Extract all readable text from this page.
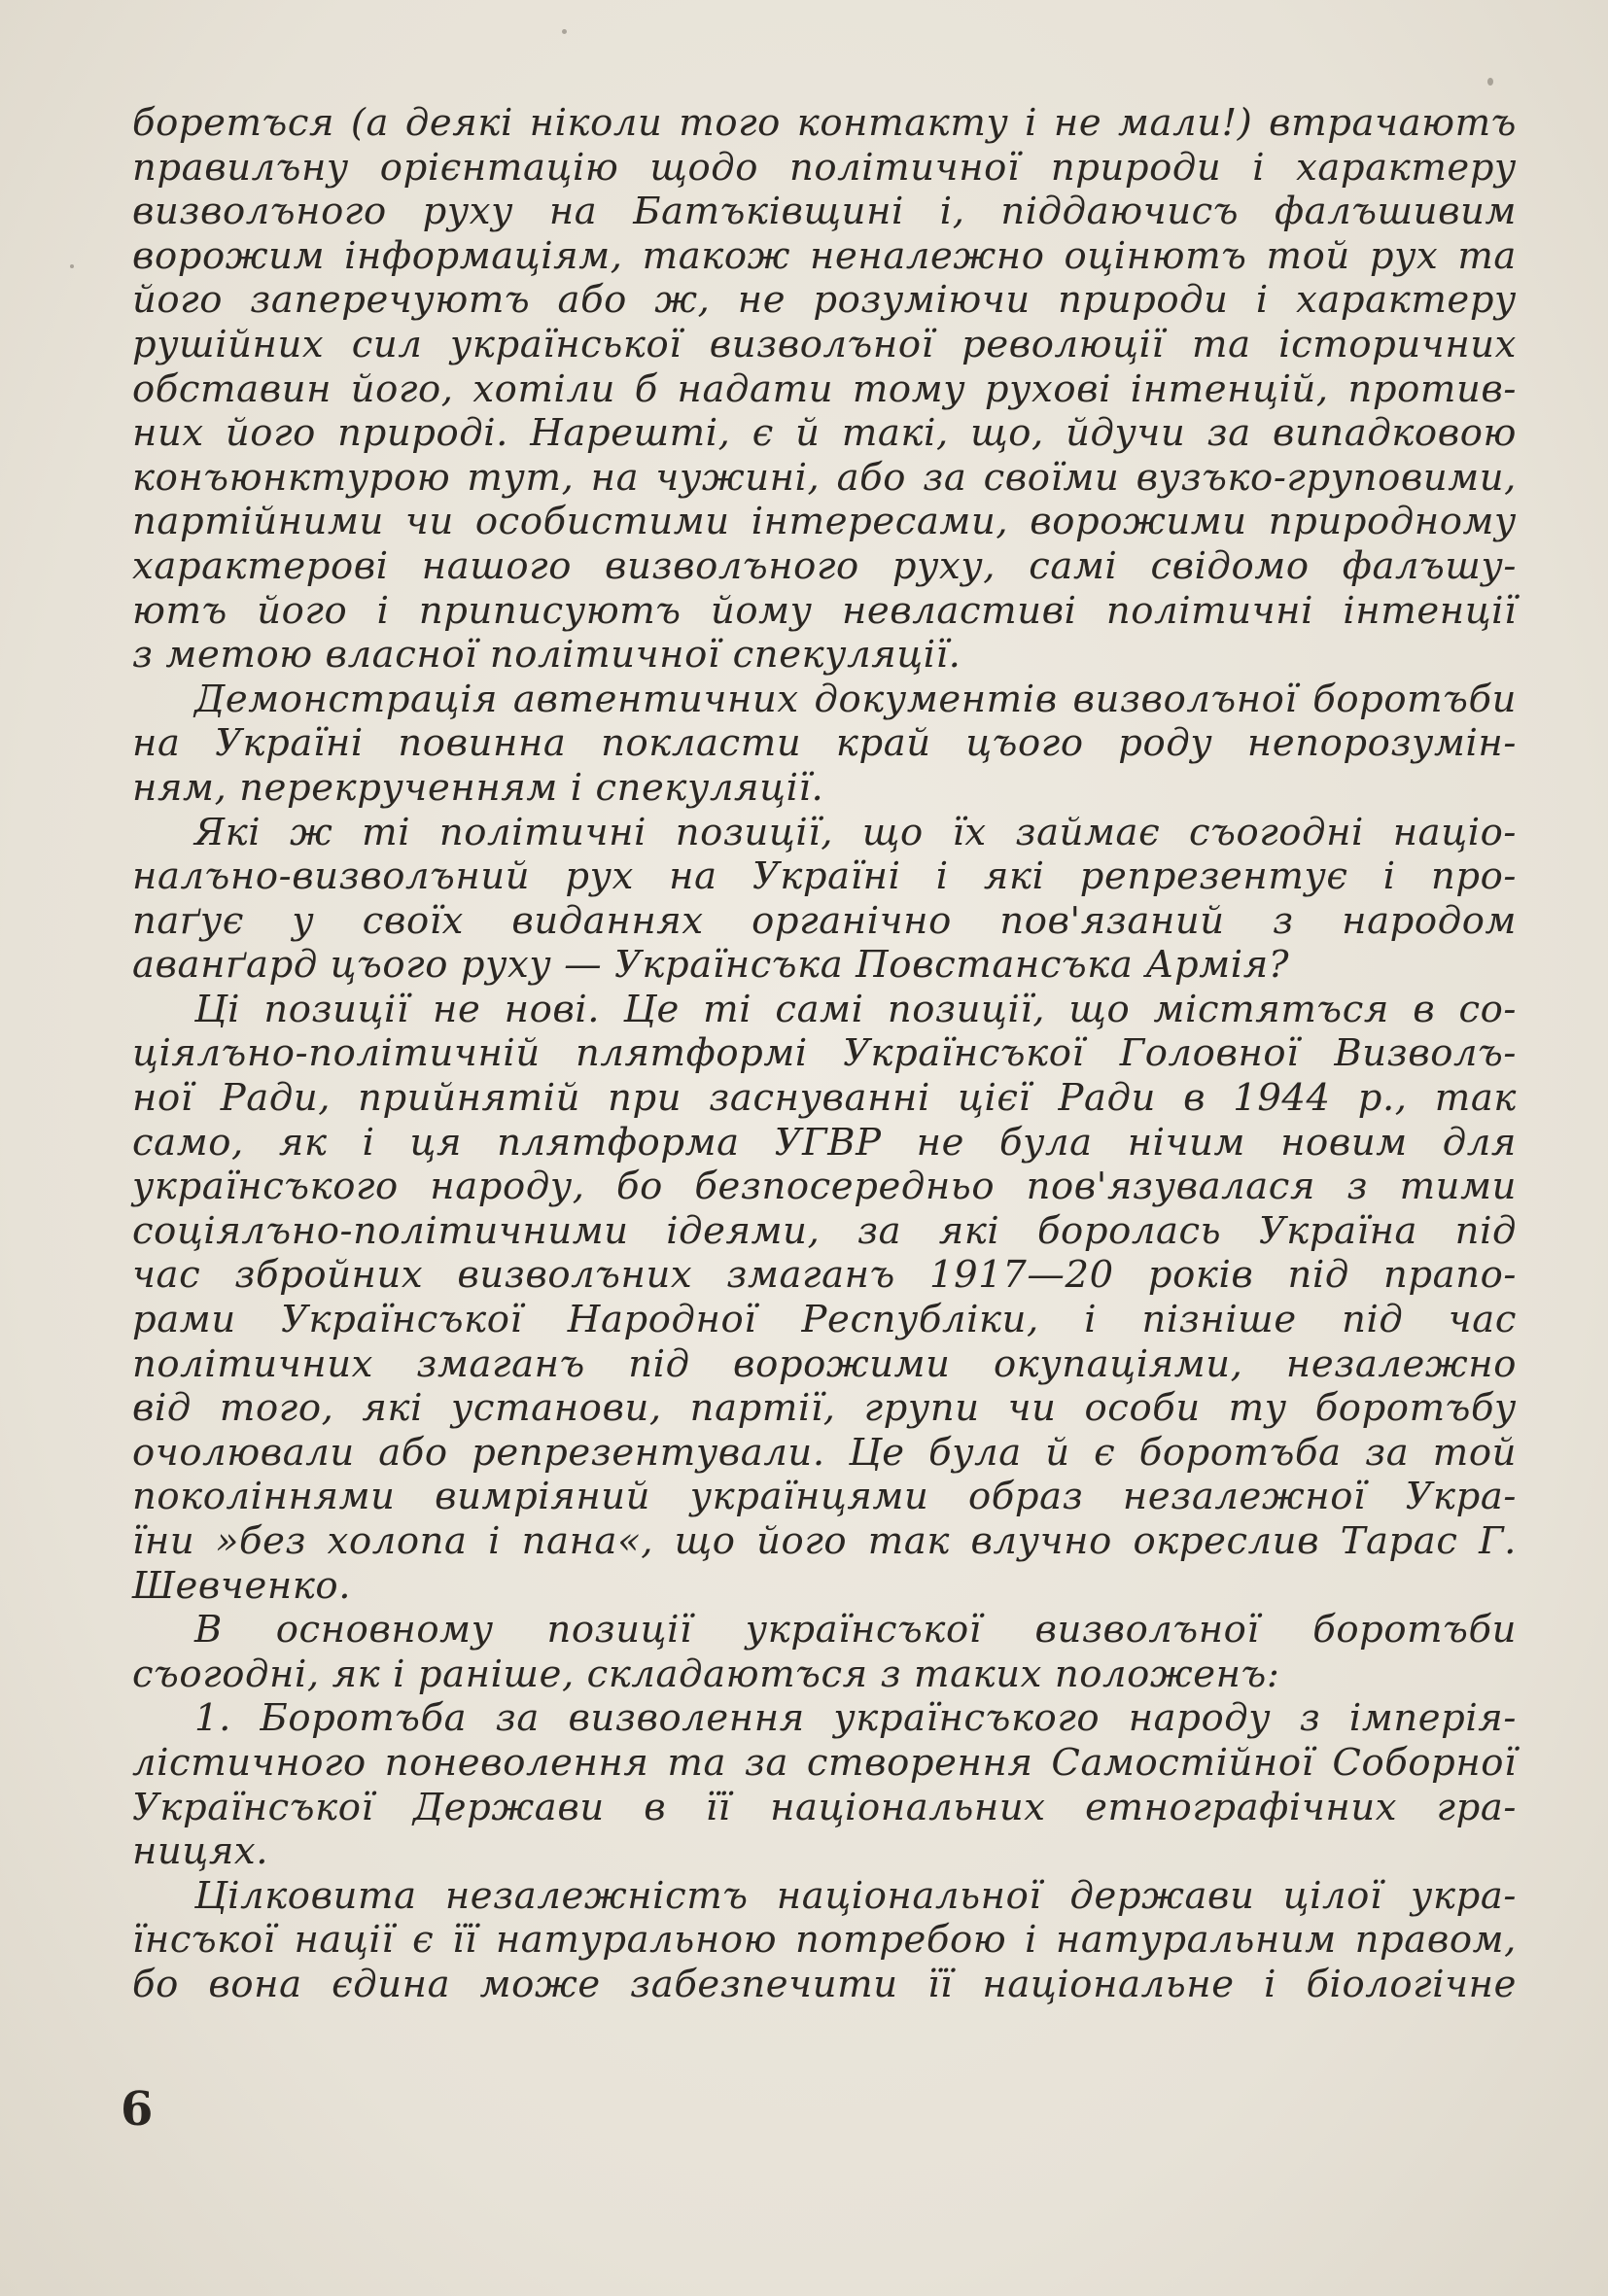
боретъся (а деякі ніколи того контакту і не мали!) втрачаютъ
правилъну орієнтацію щодо політичної природи і характеру
визволъного руху на Батъківщині і, піддаючисъ фалъшивим
ворожим інформаціям, також неналежно оцінютъ той рух та
його заперечуютъ або ж, не розуміючи природи і характеру
рушійних сил української визволъної революції та історичних
обставин його, хотіли б надати тому рухові інтенцій, против-
них його природі. Нарешті, є й такі, що, йдучи за випадковою
конъюнктурою тут, на чужині, або за своїми вузъко-груповими,
партійними чи особистими інтересами, ворожими природному
характерові нашого визволъного руху, самі свідомо фалъшу-
ютъ його і приписуютъ йому невластиві політичні інтенції
з метою власної політичної спекуляції.
Демонстрація автентичних документів визволъної боротъби
на Україні повинна покласти край цъого роду непорозумін-
ням, перекрученням і спекуляції.
Які ж ті політичні позиції, що їх займає съогодні націо-
налъно-визволъний рух на Україні і які репрезентує і про-
паґує у своїх виданнях органічно пов'язаний з народом
аванґард цъого руху — Українсъка Повстансъка Армія?
Ці позиції не нові. Це ті самі позиції, що містятъся в со-
ціялъно-політичній плятформі Українсъкої Головної Визволъ-
ної Ради, прийнятій при заснуванні цієї Ради в 1944 р., так
само, як і ця плятформа УГВР не була нічим новим для
українсъкого народу, бо безпосередньо пов'язувалася з тими
соціялъно-політичними ідеями, за які боролась Україна під
час збройних визволъних змаганъ 1917—20 років під прапо-
рами Українсъкої Народної Республіки, і пізніше під час
політичних змаганъ під ворожими окупаціями, незалежно
від того, які установи, партії, групи чи особи ту боротъбу
очолювали або репрезентували. Це була й є боротъба за той
поколіннями вимріяний українцями образ незалежної Укра-
їни »без холопа і пана«, що його так влучно окреслив Тарас Г.
Шевченко.
В основному позиції українсъкої визволъної боротъби
съогодні, як і раніше, складаютъся з таких положенъ:
1. Боротъба за визволення українсъкого народу з імперія-
лістичного поневолення та за створення Самостійної Соборної
Українсъкої Держави в її національних етнографічних гра-
ницях.
Цілковита незалежністъ національної держави цілої укра-
їнсъкої нації є її натуральною потребою і натуральним правом,
бо вона єдина може забезпечити її національне і біологічне
6
